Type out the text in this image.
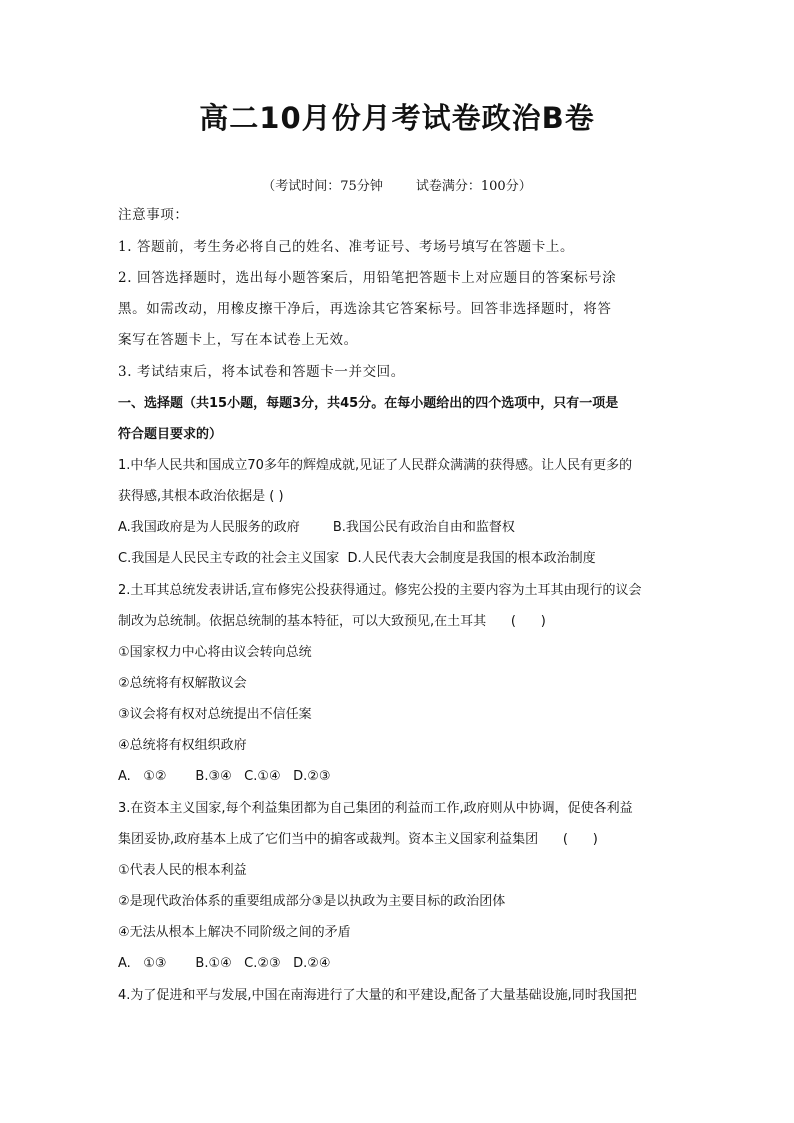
高二10月份月考试卷政治B卷
（考试时间：75分钟        试卷满分：100分）
注意事项：
1. 答题前，考生务必将自己的姓名、准考证号、考场号填写在答题卡上。
2. 回答选择题时，选出每小题答案后，用铅笔把答题卡上对应题目的答案标号涂
黑。如需改动，用橡皮擦干净后，再选涂其它答案标号。回答非选择题时，将答
案写在答题卡上，写在本试卷上无效。
3. 考试结束后，将本试卷和答题卡一并交回。
一、选择题（共15小题，每题3分，共45分。在每小题给出的四个选项中，只有一项是
符合题目要求的）
1.中华人民共和国成立70多年的辉煌成就,见证了人民群众满满的获得感。让人民有更多的
获得感,其根本政治依据是 ( )
A.我国政府是为人民服务的政府        B.我国公民有政治自由和监督权
C.我国是人民民主专政的社会主义国家  D.人民代表大会制度是我国的根本政治制度
2.土耳其总统发表讲话,宣布修宪公投获得通过。修宪公投的主要内容为土耳其由现行的议会
制改为总统制。依据总统制的基本特征，可以大致预见,在土耳其      (      )
①国家权力中心将由议会转向总统
②总统将有权解散议会
③议会将有权对总统提出不信任案
④总统将有权组织政府
A.   ①②       B.③④   C.①④   D.②③
3.在资本主义国家,每个利益集团都为自己集团的利益而工作,政府则从中协调，促使各利益
集团妥协,政府基本上成了它们当中的掮客或裁判。资本主义国家利益集团      (      )
①代表人民的根本利益
②是现代政治体系的重要组成部分③是以执政为主要目标的政治团体
④无法从根本上解决不同阶级之间的矛盾
A.   ①③       B.①④   C.②③   D.②④
4.为了促进和平与发展,中国在南海进行了大量的和平建设,配备了大量基础设施,同时我国把
